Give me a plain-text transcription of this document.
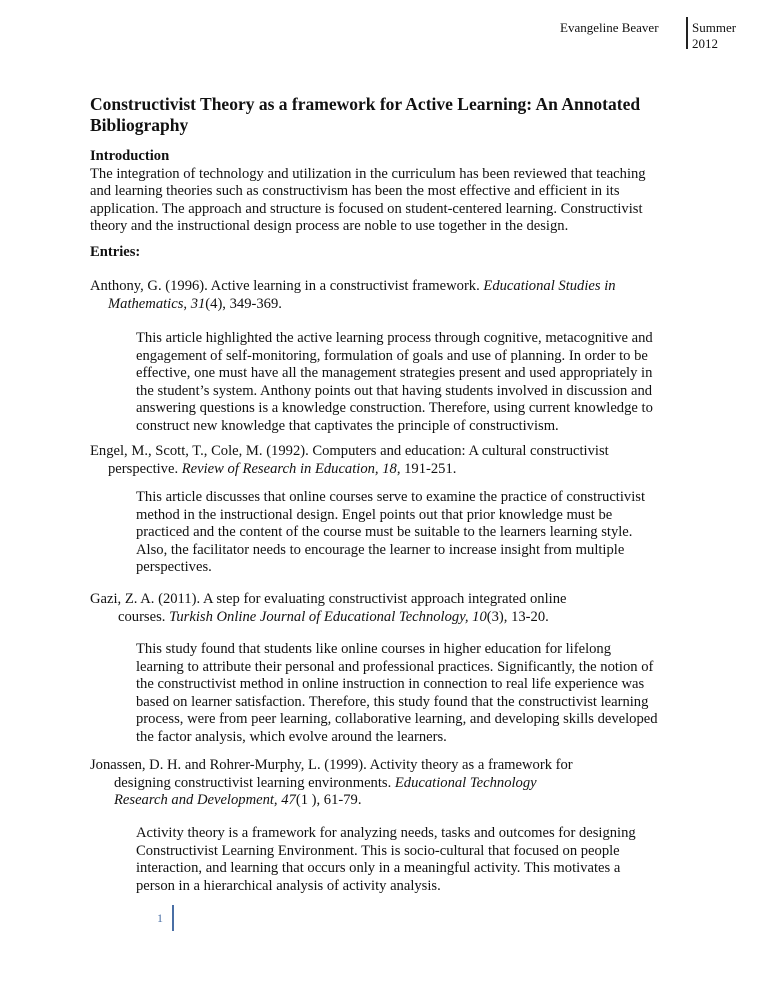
Evangeline Beaver	Summer
2012
Constructivist Theory as a framework for Active Learning: An Annotated
Bibliography
Introduction
The integration of technology and utilization in the curriculum has been reviewed that teaching
and learning theories such as constructivism has been the most effective and efficient in its
application. The approach and structure is focused on student-centered learning. Constructivist
theory and the instructional design process are noble to use together in the design.
Entries:
Anthony, G. (1996). Active learning in a constructivist framework. Educational Studies in
Mathematics, 31(4), 349-369.
This article highlighted the active learning process through cognitive, metacognitive and
engagement of self-monitoring, formulation of goals and use of planning. In order to be
effective, one must have all the management strategies present and used appropriately in
the student’s system. Anthony points out that having students involved in discussion and
answering questions is a knowledge construction. Therefore, using current knowledge to
construct new knowledge that captivates the principle of constructivism.
Engel, M., Scott, T., Cole, M. (1992). Computers and education: A cultural constructivist
perspective. Review of Research in Education, 18, 191-251.
This article discusses that online courses serve to examine the practice of constructivist
method in the instructional design. Engel points out that prior knowledge must be
practiced and the content of the course must be suitable to the learners learning style.
Also, the facilitator needs to encourage the learner to increase insight from multiple
perspectives.
Gazi, Z. A. (2011). A step for evaluating constructivist approach integrated online
courses. Turkish Online Journal of Educational Technology, 10(3), 13-20.
This study found that students like online courses in higher education for lifelong
learning to attribute their personal and professional practices. Significantly, the notion of
the constructivist method in online instruction in connection to real life experience was
based on learner satisfaction. Therefore, this study found that the constructivist learning
process, were from peer learning, collaborative learning, and developing skills developed
the factor analysis, which evolve around the learners.
Jonassen, D. H. and Rohrer-Murphy, L. (1999). Activity theory as a framework for
designing constructivist learning environments. Educational Technology
Research and Development, 47(1 ), 61-79.
Activity theory is a framework for analyzing needs, tasks and outcomes for designing
Constructivist Learning Environment. This is socio-cultural that focused on people
interaction, and learning that occurs only in a meaningful activity. This motivates a
person in a hierarchical analysis of activity analysis.
1
